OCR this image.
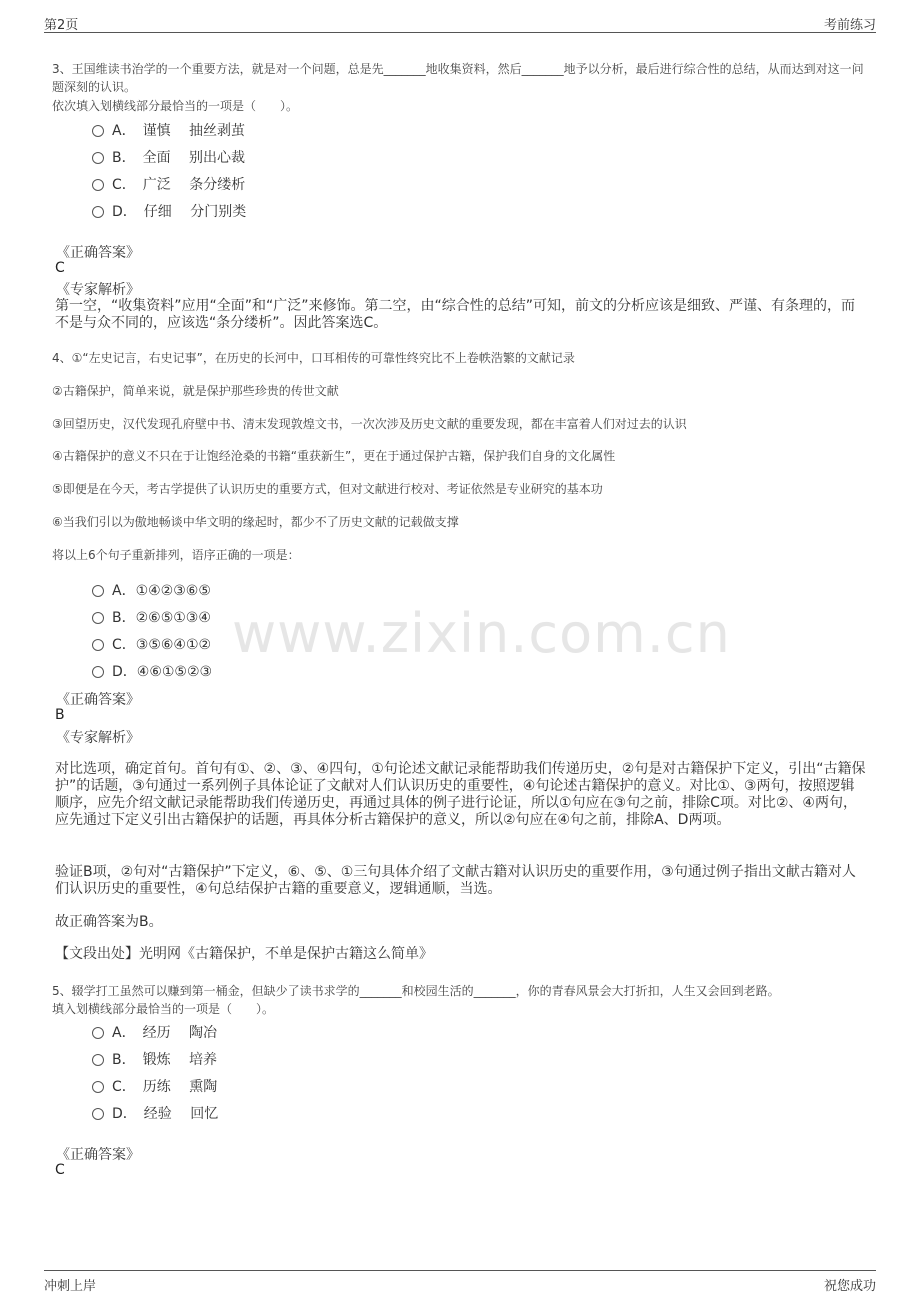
第2页	考前练习
www.zixin.com.cn
3、王国维读书治学的一个重要方法，就是对一个问题，总是先_______地收集资料，然后_______地予以分析，最后进行综合性的总结，从而达到对这一问题深刻的认识。
依次填入划横线部分最恰当的一项是（　　）。
A．　谨慎　 抽丝剥茧
B．　全面　 别出心裁
C．　广泛　 条分缕析
D．　仔细　 分门别类
《正确答案》
C
《专家解析》
第一空，“收集资料”应用“全面”和“广泛”来修饰。第二空，由“综合性的总结”可知，前文的分析应该是细致、严谨、有条理的，而不是与众不同的，应该选“条分缕析”。因此答案选C。
4、①“左史记言，右史记事”，在历史的长河中，口耳相传的可靠性终究比不上卷帙浩繁的文献记录
②古籍保护，简单来说，就是保护那些珍贵的传世文献
③回望历史，汉代发现孔府壁中书、清末发现敦煌文书，一次次涉及历史文献的重要发现，都在丰富着人们对过去的认识
④古籍保护的意义不只在于让饱经沧桑的书籍“重获新生”，更在于通过保护古籍，保护我们自身的文化属性
⑤即便是在今天，考古学提供了认识历史的重要方式，但对文献进行校对、考证依然是专业研究的基本功
⑥当我们引以为傲地畅谈中华文明的缘起时，都少不了历史文献的记载做支撑
将以上6个句子重新排列，语序正确的一项是：
A．①④②③⑥⑤
B．②⑥⑤①③④
C．③⑤⑥④①②
D．④⑥①⑤②③
《正确答案》
B
《专家解析》
对比选项，确定首句。首句有①、②、③、④四句，①句论述文献记录能帮助我们传递历史，②句是对古籍保护下定义，引出“古籍保护”的话题，③句通过一系列例子具体论证了文献对人们认识历史的重要性，④句论述古籍保护的意义。对比①、③两句，按照逻辑顺序，应先介绍文献记录能帮助我们传递历史，再通过具体的例子进行论证，所以①句应在③句之前，排除C项。对比②、④两句，应先通过下定义引出古籍保护的话题，再具体分析古籍保护的意义，所以②句应在④句之前，排除A、D两项。
验证B项，②句对“古籍保护”下定义，⑥、⑤、①三句具体介绍了文献古籍对认识历史的重要作用，③句通过例子指出文献古籍对人们认识历史的重要性，④句总结保护古籍的重要意义，逻辑通顺，当选。
故正确答案为B。
【文段出处】光明网《古籍保护，不单是保护古籍这么简单》
5、辍学打工虽然可以赚到第一桶金，但缺少了读书求学的_______和校园生活的_______，你的青春风景会大打折扣，人生又会回到老路。
填入划横线部分最恰当的一项是（　　）。
A．　经历　 陶冶
B．　锻炼　 培养
C．　历练　 熏陶
D．　经验　 回忆
《正确答案》
C
冲刺上岸	祝您成功
